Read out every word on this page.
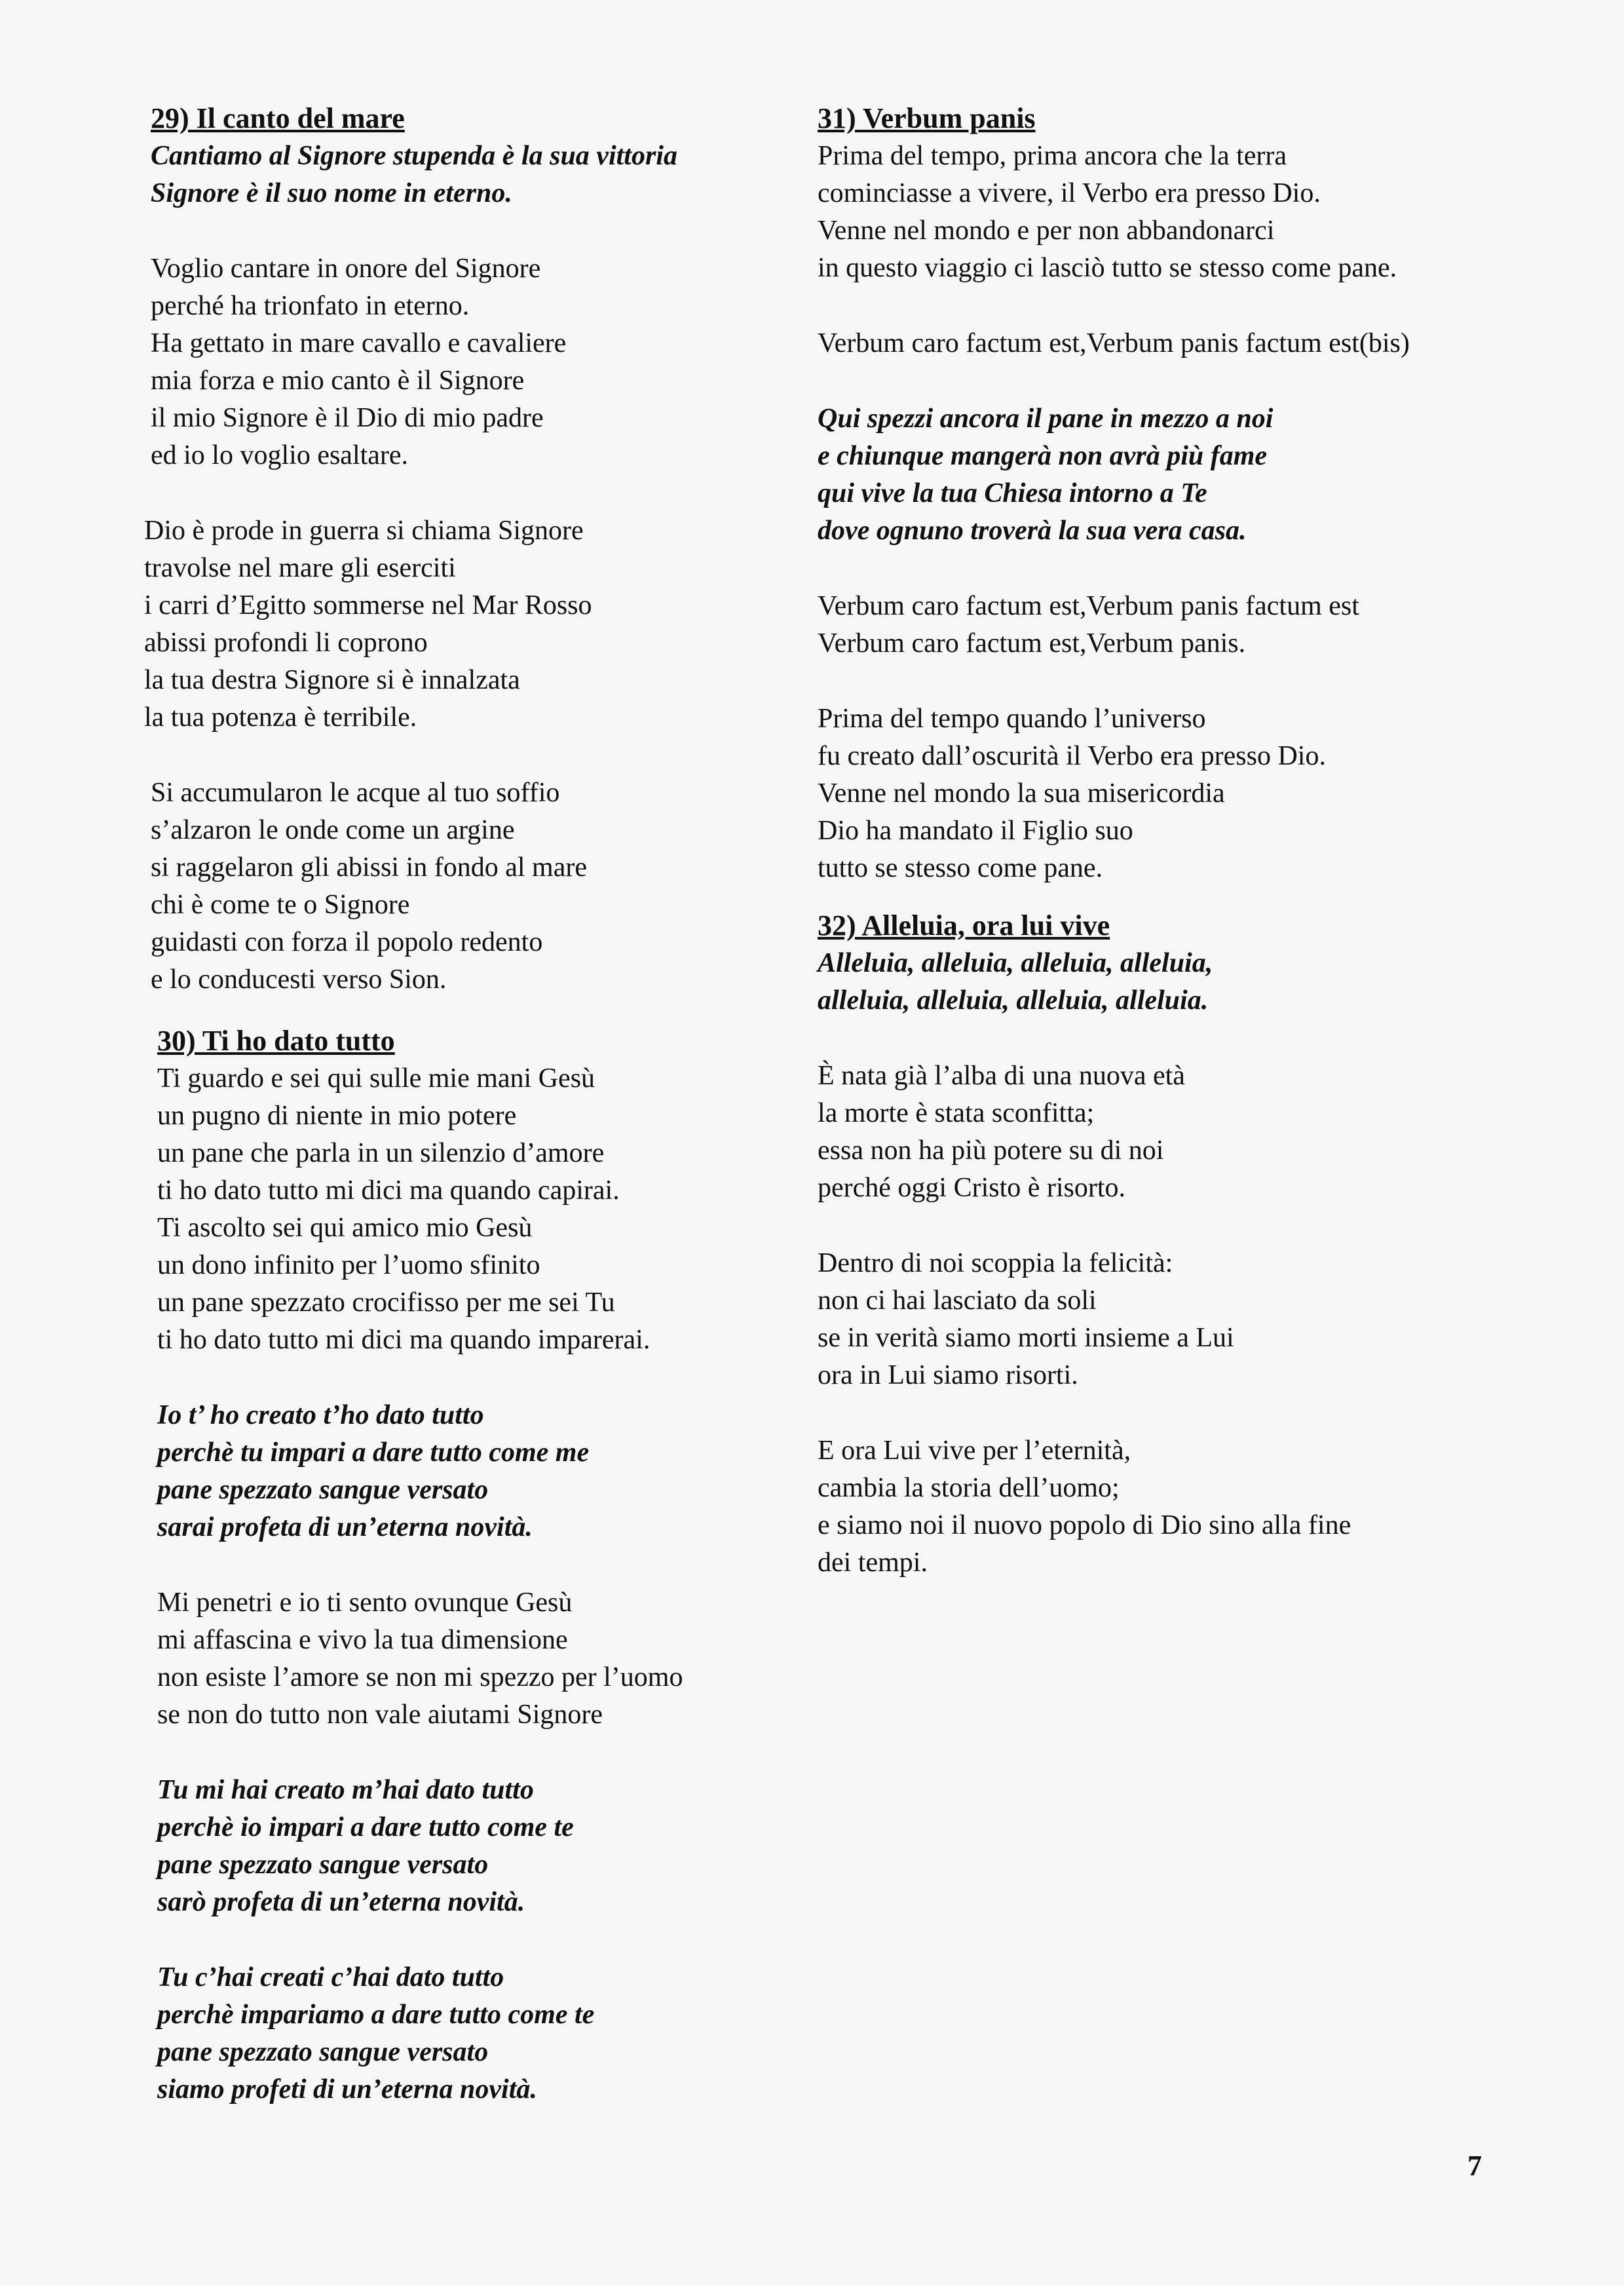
29) Il canto del mare
Cantiamo al Signore stupenda è la sua vittoria
Signore è il suo nome in eterno.
Voglio cantare in onore del Signore
perché ha trionfato in eterno.
Ha gettato in mare cavallo e cavaliere
mia forza e mio canto è il Signore
il mio Signore è il Dio di mio padre
ed io lo voglio esaltare.
Dio è prode in guerra si chiama Signore
travolse nel mare gli eserciti
i carri d’Egitto sommerse nel Mar Rosso
abissi profondi li coprono
la tua destra Signore si è innalzata
la tua potenza è terribile.
Si accumularon le acque al tuo soffio
s’alzaron le onde come un argine
si raggelaron gli abissi in fondo al mare
chi è come te o Signore
guidasti con forza il popolo redento
e lo conducesti verso Sion.
30) Ti ho dato tutto
Ti guardo e sei qui sulle mie mani Gesù
un pugno di niente in mio potere
un pane che parla in un silenzio d’amore
ti ho dato tutto mi dici ma quando capirai.
Ti ascolto sei qui amico mio Gesù
un dono infinito per l’uomo sfinito
un pane spezzato crocifisso per me sei Tu
ti ho dato tutto mi dici ma quando imparerai.
Io t’ ho creato t’ho dato tutto
perchè tu impari a dare tutto come me
pane spezzato sangue versato
sarai profeta di un’eterna novità.
Mi penetri e io ti sento ovunque Gesù
mi affascina e vivo la tua dimensione
non esiste l’amore se non mi spezzo per l’uomo
se non do tutto non vale aiutami Signore
Tu mi hai creato m’hai dato tutto
perchè io impari a dare tutto come te
pane spezzato sangue versato
sarò profeta di un’eterna novità.
Tu c’hai creati c’hai dato tutto
perchè impariamo a dare tutto come te
pane spezzato sangue versato
siamo profeti di un’eterna novità.
31) Verbum panis
Prima del tempo, prima ancora che la terra
cominciasse a vivere, il Verbo era presso Dio.
Venne nel mondo e per non abbandonarci
in questo viaggio ci lasciò tutto se stesso come pane.
Verbum caro factum est,Verbum panis factum est(bis)
Qui spezzi ancora il pane in mezzo a noi
e chiunque mangerà non avrà più fame
qui vive la tua Chiesa intorno a Te
dove ognuno troverà la sua vera casa.
Verbum caro factum est,Verbum panis factum est
Verbum caro factum est,Verbum panis.
Prima del tempo quando l’universo
fu creato dall’oscurità il Verbo era presso Dio.
Venne nel mondo la sua misericordia
Dio ha mandato il Figlio suo
tutto se stesso come pane.
32) Alleluia, ora lui vive
Alleluia, alleluia, alleluia, alleluia,
alleluia, alleluia, alleluia, alleluia.
È nata già l’alba di una nuova età
la morte è stata sconfitta;
essa non ha più potere su di noi
perché oggi Cristo è risorto.
Dentro di noi scoppia la felicità:
non ci hai lasciato da soli
se in verità siamo morti insieme a Lui
ora in Lui siamo risorti.
E ora Lui vive per l’eternità,
cambia la storia dell’uomo;
e siamo noi il nuovo popolo di Dio sino alla fine
dei tempi.
7
